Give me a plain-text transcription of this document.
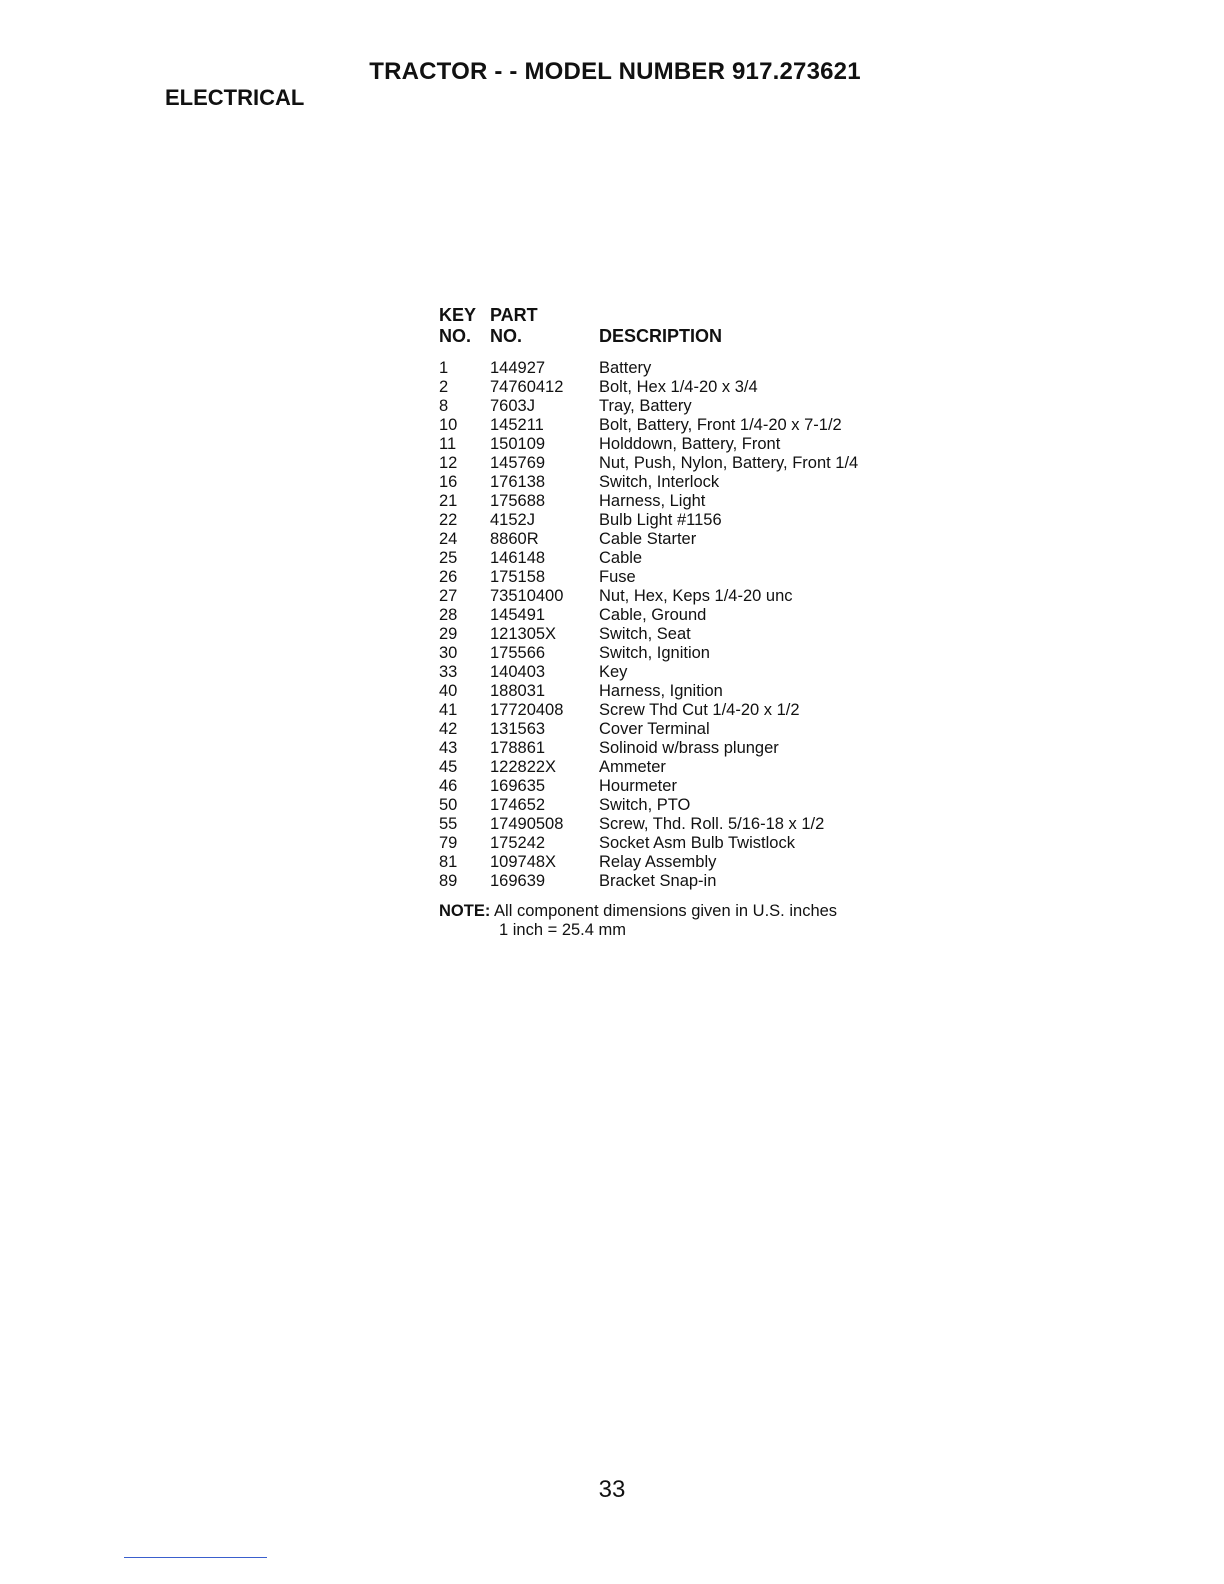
TRACTOR - - MODEL NUMBER 917.273621
ELECTRICAL
KEY PART
NO. NO.	DESCRIPTION
1	144927	Battery
2	74760412 Bolt, Hex 1/4-20 x 3/4
8	7603J	Tray, Battery
10 145211	Bolt, Battery, Front 1/4-20 x 7-1/2
11 150109	Holddown, Battery, Front
12 145769	Nut, Push, Nylon, Battery, Front 1/4
16 176138	Switch, Interlock
21 175688	Harness, Light
22 4152J	Bulb Light #1156
24 8860R	Cable Starter
25 146148	Cable
26 175158	Fuse
27 73510400 Nut, Hex, Keps 1/4-20 unc
28 145491	Cable, Ground
29 121305X	Switch, Seat
30 175566	Switch, Ignition
33 140403	Key
40 188031	Harness, Ignition
41 17720408 Screw Thd Cut 1/4-20 x 1/2
42 131563	Cover Terminal
43 178861	Solinoid w/brass plunger
45 122822X	Ammeter
46 169635	Hourmeter
50 174652	Switch, PTO
55 17490508 Screw, Thd. Roll. 5/16-18 x 1/2
79 175242	Socket Asm Bulb Twistlock
81 109748X	Relay Assembly
89 169639	Bracket Snap-in
NOTE: All component dimensions given in U.S. inches
1 inch = 25.4 mm
33
